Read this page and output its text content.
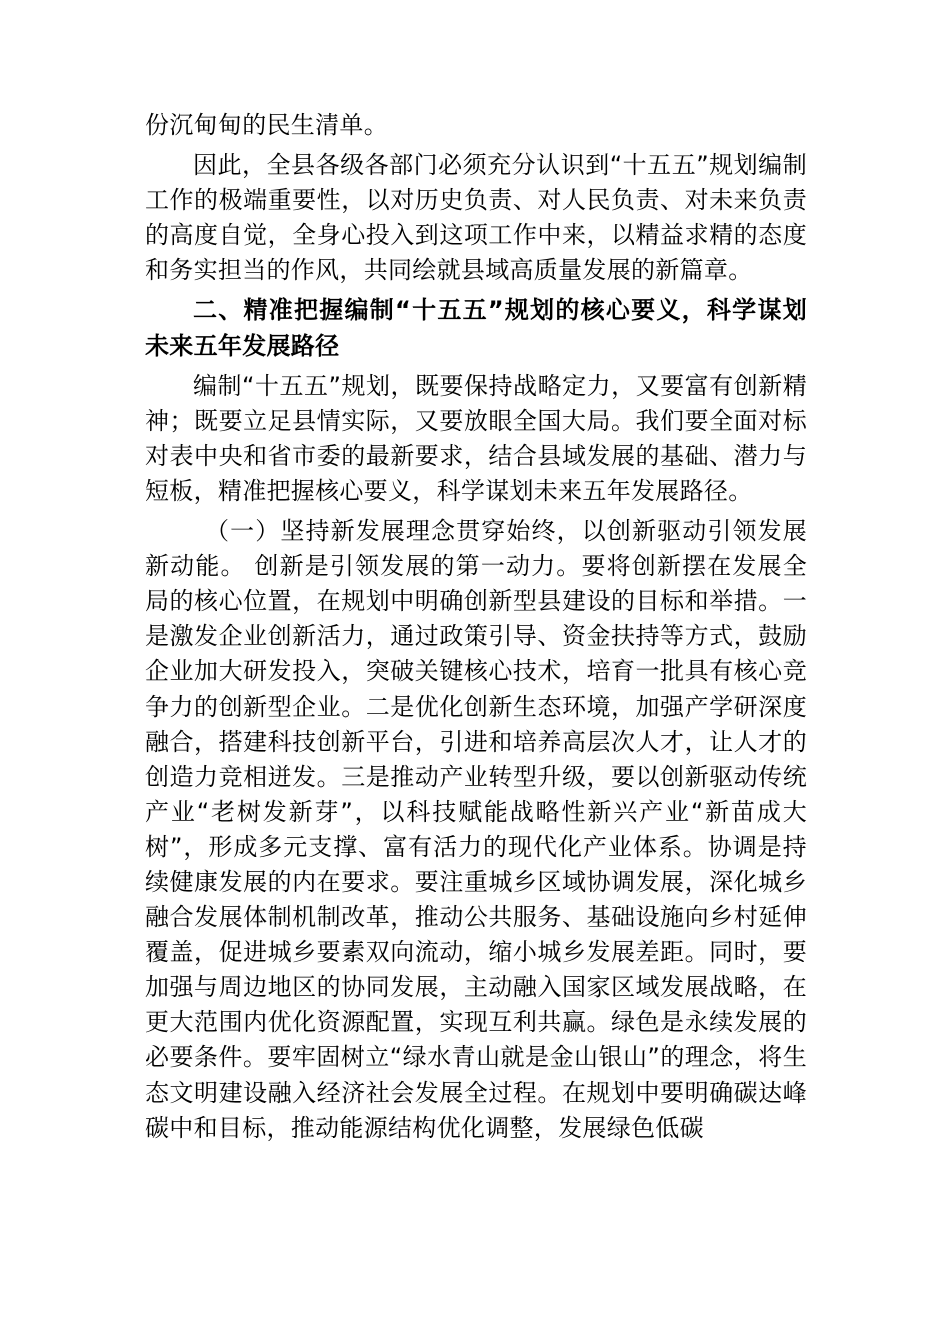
份沉甸甸的民生清单。

因此，全县各级各部门必须充分认识到“十五五”规划编制工作的极端重要性，以对历史负责、对人民负责、对未来负责的高度自觉，全身心投入到这项工作中来，以精益求精的态度和务实担当的作风，共同绘就县域高质量发展的新篇章。

二、精准把握编制“十五五”规划的核心要义，科学谋划未来五年发展路径

编制“十五五”规划，既要保持战略定力，又要富有创新精神；既要立足县情实际，又要放眼全国大局。我们要全面对标对表中央和省市委的最新要求，结合县域发展的基础、潜力与短板，精准把握核心要义，科学谋划未来五年发展路径。

（一）坚持新发展理念贯穿始终，以创新驱动引领发展新动能。 创新是引领发展的第一动力。要将创新摆在发展全局的核心位置，在规划中明确创新型县建设的目标和举措。一是激发企业创新活力，通过政策引导、资金扶持等方式，鼓励企业加大研发投入，突破关键核心技术，培育一批具有核心竞争力的创新型企业。二是优化创新生态环境，加强产学研深度融合，搭建科技创新平台，引进和培养高层次人才，让人才的创造力竞相迸发。三是推动产业转型升级，要以创新驱动传统产业“老树发新芽”，以科技赋能战略性新兴产业“新苗成大树”，形成多元支撑、富有活力的现代化产业体系。协调是持续健康发展的内在要求。要注重城乡区域协调发展，深化城乡融合发展体制机制改革，推动公共服务、基础设施向乡村延伸覆盖，促进城乡要素双向流动，缩小城乡发展差距。同时，要加强与周边地区的协同发展，主动融入国家区域发展战略，在更大范围内优化资源配置，实现互利共赢。绿色是永续发展的必要条件。要牢固树立“绿水青山就是金山银山”的理念，将生态文明建设融入经济社会发展全过程。在规划中要明确碳达峰碳中和目标，推动能源结构优化调整，发展绿色低碳
